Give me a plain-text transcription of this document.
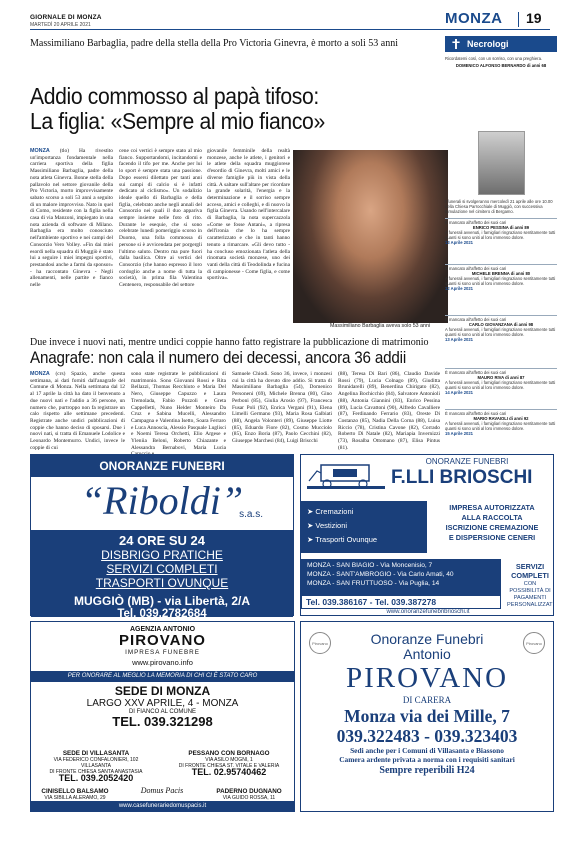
GIORNALE DI MONZA
MARTEDÌ 20 APRILE 2021	MONZA 19
Massimiliano Barbaglia, padre della stella della Pro Victoria Ginevra, è morto a soli 53 anni
Addio commosso al papà tifoso:
La figlia: «Sempre al mio fianco»
MONZA (tlo) Ha rivestito un'importanza fondamentale nella carriera sportiva della figlia Massimiliano Barbaglia, padre della nota atleta Ginevra. Bonne stella della pallavolo nel settore giovanile della Pro Victoria, morto improvvisamente sabato scorso a soli 53 anni a seguito di un malore improvviso. Nato in quel di Como, residente con la figlia nella casa di via Manzoni, impiegato in una nota azienda di software di Milano. Barbaglia era molto conosciuto nell'ambiente sportivo e nei campi del Consorzio Vero Volley. «Fin dai miei esordi nella squadra di Muggiò è stato lui a seguire i miei impegni sportivi, prestandosi anche a farmi da sponsor» - ha raccontato Ginevra - Negli allenamenti, nelle partite e fianco nelle
cene coi vertici è sempre stato al mio fianco. Supportandomi, incitandomi e facendo il tifo per me. Anche per lui lo sport è sempre stata una passione. Dopo essersi dilettato per tanti anni sui campi di calcio si è infatti dedicato al ciclismo». Un sodalizio ideale quello di Barbaglia e della figlia, celebrato anche negli annali del Consorzio nei quali il duo appariva sempre insieme nelle foto di rito. Durante le esequie, che si sono celebrate lunedì pomeriggio scorso in Duomo, una folla commossa di persone si è avvicendata per porgergli l'ultimo saluto. Dentro ma pure fuori dalla basilica. Oltre ai vertici del Consorzio (che hanno espresso il loro cordoglio anche a nome di tutta la società), in prima fila Valentina Centenero, responsabile del settore
giovanile femminile della realtà monzese, anche le atlete, i genitori e le atlete della squadra muggiorese d'esordio di Ginevra, molti amici e le diverse famiglie più in vista della città. A saltare sull'altare per ricordare la grande solarità, l'energia e la determinazione e il sorriso sempre acceso, amici e colleghi, e di nuovo la figlia Ginevra. Usando nell'intercalare di Barbaglia, la nota supercazzola «Come se fosse Antani», a ripresa dell'ironia che lo ha sempre caratterizzato e che in tanti hanno tenuto a rimarcare. «Gli devo tutto - ha concluso emozionata l'atleta della rinomata società monzese, uno dei vanti della città di Teodolinda e fucina di campionesse - Come figlia, e come sportiva».
Massimiliano Barbaglia aveva solo 53 anni
Due invece i nuovi nati, mentre undici coppie hanno fatto registrare la pubblicazione di matrimonio
Anagrafe: non cala il numero dei decessi, ancora 36 addii
MONZA (crs) Spazio, anche questa settimana, ai dati forniti dall'anagrafe del Comune di Monza. Nella settimana dal 12 al 17 aprile la città ha dato il benvenuto a due nuovi nati e l'addio a 36 persone, un numero che, purtroppo non fa registrare un calo rispetto alle settimane precedenti. Registrate anche undici pubblicazioni di coppie che hanno deciso di sposarsi. Due i nuovi nati, si tratta di Emanuele Lodolice e Leonardo Montemurro. Undici, invece le coppie di cui
sono state registrate le pubblicazioni di matrimonio. Sono Giovanni Rossi e Rita Bellazzi, Thomas Recchiuto e Maria Del Nero, Giuseppe Capuzzo e Laura Tremolada, Fabio Pozzoli e Greta Cappelletti, Nuno Helder Monteiro Da Cruz e Sabina Mucelli, Alessandro Campagna e Valentina Isetto, Soara Ferraro e Luca Annoscia, Alessio Pasquale Luglisci e Noemi Teresa Orchetti, Elio Argese e Yleniia Beloni, Roberto Chiazante e Alessandra Bernabovi, Maria Lucia
Samuele Chiodi. Sono 36, invece, i monzesi cui la città ha dovuto dire addio. Si tratta di Massimiliano Barbaglia (54), Domenico Personeni (69), Michele Brenna (80), Gino Perboni (85), Giulia Arosio (97), Francesca Fusar Poli (92), Enrica Vergani (91), Elena Limelli Germano (93), Maria Rosa Galbiati (88), Angela Volonteri (89), Giuseppe Liotte (85), Eduardo Fiore (82), Cosmo Mucciolo (85), Enzo Boria (87), Paolo Cecchini (82), Giuseppe Marchesi (84), Luigi Briscchi
(88), Teresa Di Bari (86), Claudio Davide Rossi (79), Lucia Colnago (89), Giuditta Brunidarelli (89), Benerdina Chirigato (82), Angelina Bochicchio (84), Salvatore Antonioli (88), Antonia Giannini (83), Enrico Pessina (89), Lucia Cavattoni (90), Alfredo Cavalliere (87), Ferdinando Ferrario (83), Oreste Di Costanzo (85), Nadia Della Corna (88), Luisa Riccio (78), Cristina Cavone (82), Corrado Roberto Di Natale (82), Mariapia Invernizzi (73), Rosalba Ottomano (87), Elisa Pintus (81).
Necrologi
Ricordatemi così, con un sorriso, con una preghiera.
DOMENICO ALFONSO BERNARDO di anni 68
I funerali si svolgeranno mercoledì 21 aprile alle ore 10.00 nella Chiesa Parrocchiale di Muggiò, con successiva tumulazione nel cimitero di Bergamo.
È mancato all'affetto dei suoi cari
ENRICO PESSINA di anni 89
A funerali avvenuti, i famigliari ringraziano sentitamente tutti quanti si sono uniti al loro immenso dolore.
13 Aprile 2021
È mancato all'affetto dei suoi cari
MICHELE BRENNA di anni 80
A funerali avvenuti, i famigliari ringraziano sentitamente tutti quanti si sono uniti al loro immenso dolore.
12 Aprile 2021
È mancata all'affetto dei suoi cari
CARLO GIOVANZANA di anni 98
A funerali avvenuti, i famigliari ringraziano sentitamente tutti quanti si sono uniti al loro immenso dolore.
13 Aprile 2021
È mancato all'affetto dei suoi cari
MAURO RIVA di anni 87
A funerali avvenuti, i famigliari ringraziano sentitamente tutti quanti si sono uniti al loro immenso dolore.
14 Aprile 2021
È mancato all'affetto dei suoi cari
MARIO RAVAIOLI di anni 92
A funerali avvenuti, i famigliari ringraziano sentitamente tutti quanti si sono uniti al loro immenso dolore.
15 Aprile 2021
ONORANZE FUNEBRI
“Riboldi”
s.a.s.
24 ORE SU 24
DISBRIGO PRATICHE
SERVIZI COMPLETI
TRASPORTI OVUNQUE
MUGGIÒ (MB) - via Libertà, 2/A
Tel. 039.2782684
ONORANZE FUNEBRI
F.LLI BRIOSCHI
➤ Cremazioni
➤ Vestizioni
➤ Trasporti Ovunque
IMPRESA AUTORIZZATA
ALLA RACCOLTA
ISCRIZIONE CREMAZIONE
E DISPERSIONE CENERI
MONZA - SAN BIAGIO - Via Moncenisio, 7
MONZA - SANT'AMBROGIO - Via Carlo Amati, 40
MONZA - SAN FRUTTUOSO - Via Puglia, 14
Tel. 039.386167 - Tel. 039.387278
SERVIZI
COMPLETI
CON POSSIBILITÀ DI PAGAMENTI PERSONALIZZATI
www.onoranzefunebribrioschi.it
AGENZIA ANTONIO
PIROVANO
IMPRESA FUNEBRE
www.pirovano.info
PER ONORARE AL MEGLIO LA MEMORIA DI CHI CI È STATO CARO
SEDE DI MONZA
LARGO XXV APRILE, 4 - MONZA
DI FIANCO AL COMUNE
TEL. 039.321298
SEDE DI VILLASANTA
VIA FEDERICO CONFALONIERI, 102
VILLASANTA
DI FRONTE CHIESA SANTA ANASTASIA
TEL. 039.2052420
PESSANO CON BORNAGO
VIA ASILO MOGNI, 1
DI FRONTE CHIESA ST. VITALE E VALERIA
TEL. 02.95740462
CINISELLO BALSAMO
VIA SIBILLA ALERAMO, 29
Domus Pacis	PADERNO DUGNANO
VIA GUIDO ROSSA, 11
www.casefunerariedomuspacis.it
Pirovano	Pirovano
Onoranze Funebri
Antonio
PIROVANO
DI CARERA
Monza via dei Mille, 7
039.322483 - 039.323403
Sedi anche per i Comuni di Villasanta e Biassono
Camera ardente privata a norma con i requisiti sanitari
Sempre reperibili H24
